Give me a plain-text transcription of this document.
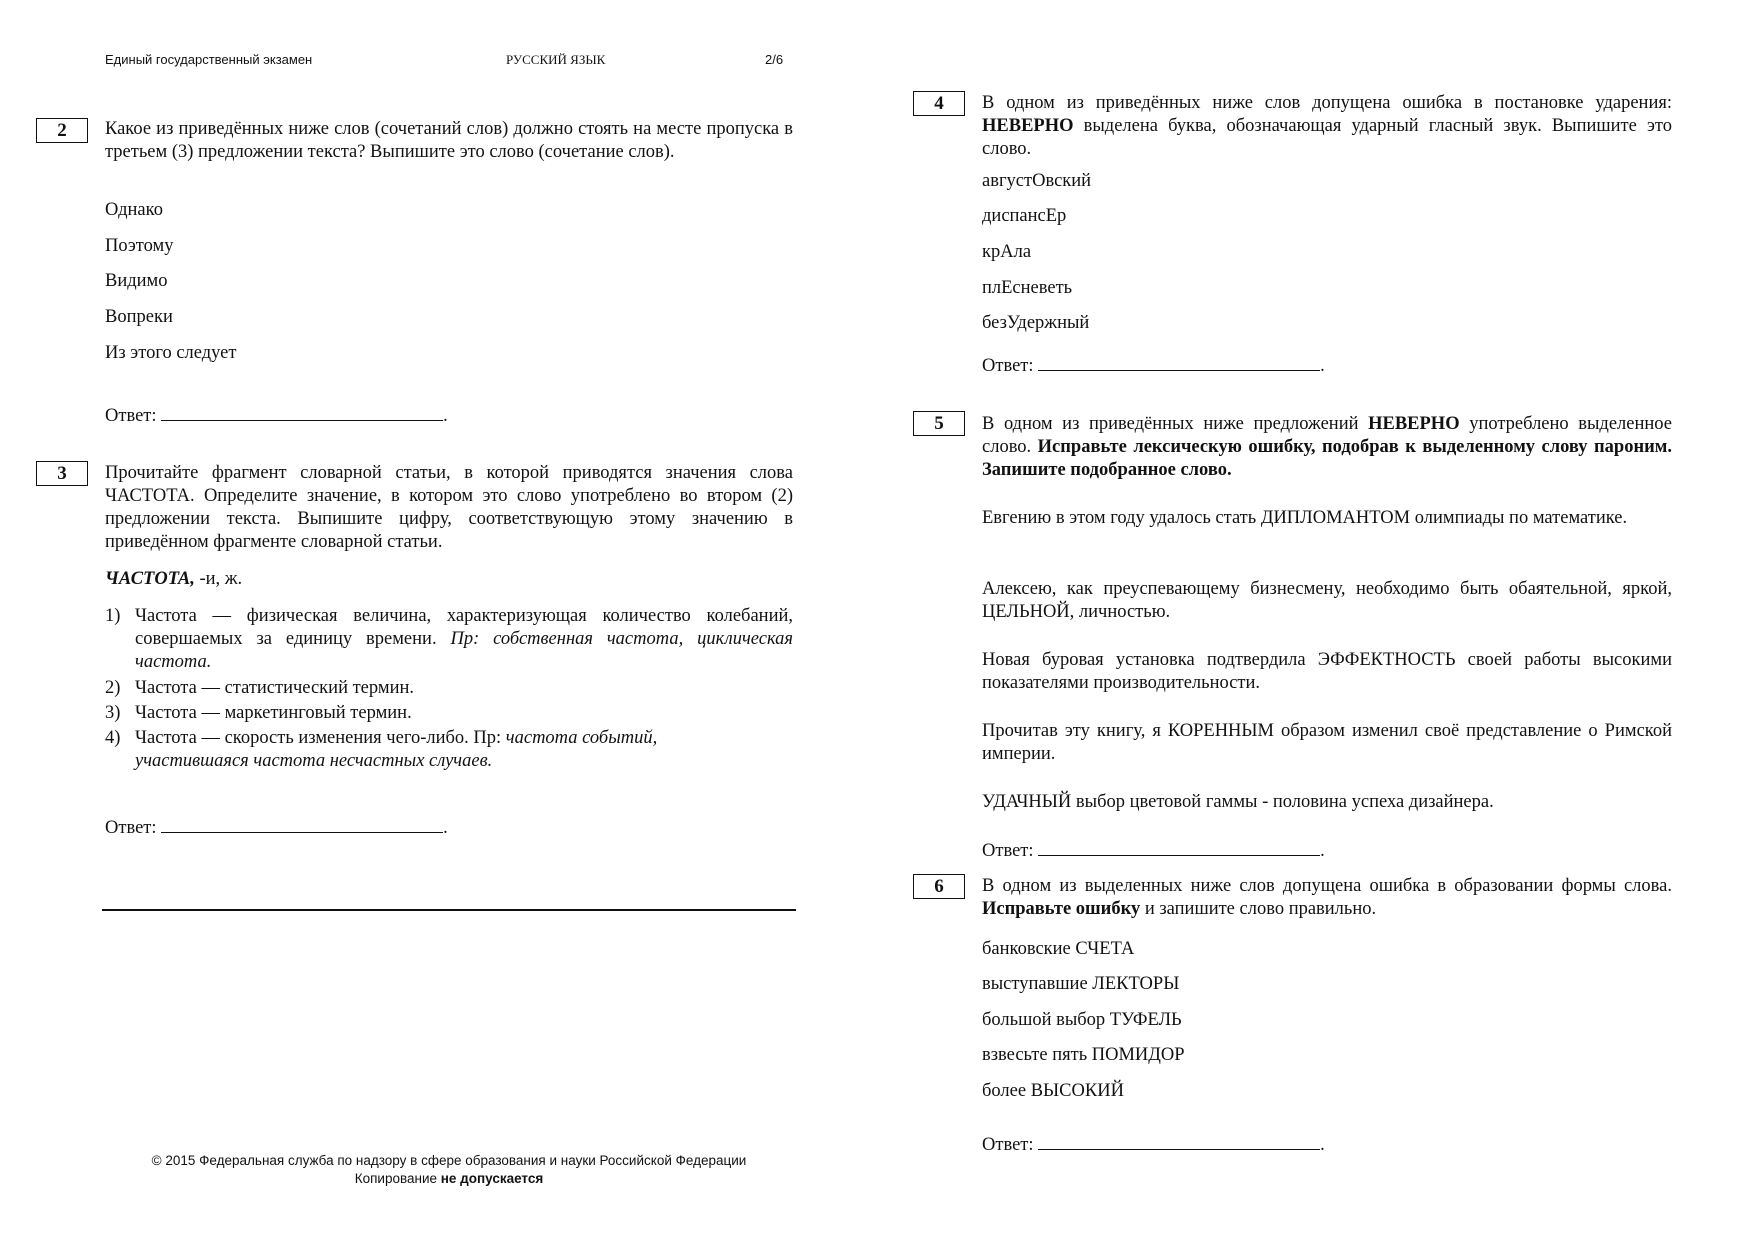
Единый государственный экзамен	РУССКИЙ ЯЗЫК	2/6
2	Какое из приведённых ниже слов (сочетаний слов) должно стоять на месте пропуска в третьем (3) предложении текста? Выпишите это слово (сочетание слов).
Однако
Поэтому
Видимо
Вопреки
Из этого следует
Ответ:	.
3	Прочитайте фрагмент словарной статьи, в которой приводятся значения слова ЧАСТОТА. Определите значение, в котором это слово употреблено во втором (2) предложении текста. Выпишите цифру, соответствующую этому значению в приведённом фрагменте словарной статьи.
ЧАСТОТА, -и, ж.
1) Частота — физическая величина, характеризующая количество колебаний, совершаемых за единицу времени. Пр: собственная частота, циклическая частота.
2) Частота — статистический термин.
3) Частота — маркетинговый термин.
4) Частота — скорость изменения чего-либо. Пр: частота событий, участившаяся частота несчастных случаев.
Ответ:	.
© 2015 Федеральная служба по надзору в сфере образования и науки Российской Федерации
Копирование не допускается
4	В одном из приведённых ниже слов допущена ошибка в постановке ударения: НЕВЕРНО выделена буква, обозначающая ударный гласный звук. Выпишите это слово.
августОвский
диспансЕр
крАла
плЕсневеть
безУдержный
Ответ:	.
5	В одном из приведённых ниже предложений НЕВЕРНО употреблено выделенное слово. Исправьте лексическую ошибку, подобрав к выделенному слову пароним. Запишите подобранное слово.
Евгению в этом году удалось стать ДИПЛОМАНТОМ олимпиады по математике.
Алексею, как преуспевающему бизнесмену, необходимо быть обаятельной, яркой, ЦЕЛЬНОЙ, личностью.
Новая буровая установка подтвердила ЭФФЕКТНОСТЬ своей работы высокими показателями производительности.
Прочитав эту книгу, я КОРЕННЫМ образом изменил своё представление о Римской империи.
УДАЧНЫЙ выбор цветовой гаммы - половина успеха дизайнера.
Ответ:	.
6	В одном из выделенных ниже слов допущена ошибка в образовании формы слова. Исправьте ошибку и запишите слово правильно.
банковские СЧЕТА
выступавшие ЛЕКТОРЫ
большой выбор ТУФЕЛЬ
взвесьте пять ПОМИДОР
более ВЫСОКИЙ
Ответ:	.
